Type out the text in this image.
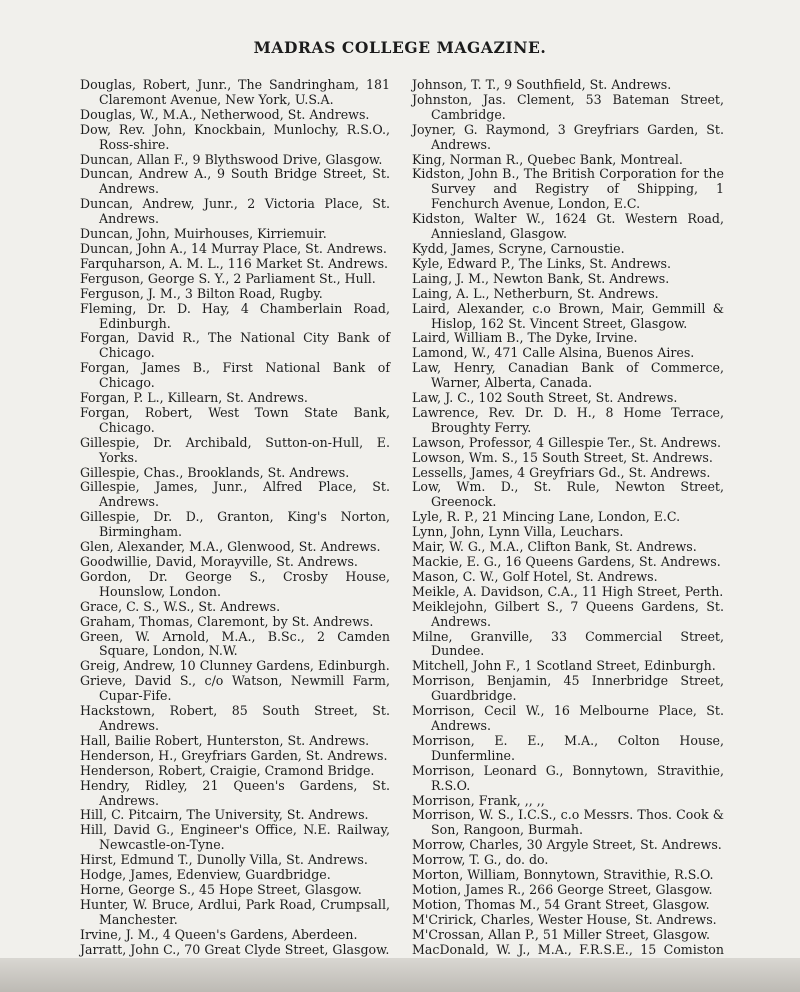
MADRAS COLLEGE MAGAZINE.

Douglas, Robert, Junr., The Sandringham, 181 Claremont Avenue, New York, U.S.A.

Douglas, W., M.A., Netherwood, St. Andrews.

Dow, Rev. John, Knockbain, Munlochy, R.S.O., Ross-shire.

Duncan, Allan F., 9 Blythswood Drive, Glasgow.

Duncan, Andrew A., 9 South Bridge Street, St. Andrews.

Duncan, Andrew, Junr., 2 Victoria Place, St. Andrews.

Duncan, John, Muirhouses, Kirriemuir.

Duncan, John A., 14 Murray Place, St. Andrews.

Farquharson, A. M. L., 116 Market St. Andrews.

Ferguson, George S. Y., 2 Parliament St., Hull.

Ferguson, J. M., 3 Bilton Road, Rugby.

Fleming, Dr. D. Hay, 4 Chamberlain Road, Edinburgh.

Forgan, David R., The National City Bank of Chicago.

Forgan, James B., First National Bank of Chicago.

Forgan, P. L., Killearn, St. Andrews.

Forgan, Robert, West Town State Bank, Chicago.

Gillespie, Dr. Archibald, Sutton-on-Hull, E. Yorks.

Gillespie, Chas., Brooklands, St. Andrews.

Gillespie, James, Junr., Alfred Place, St. Andrews.

Gillespie, Dr. D., Granton, King's Norton, Birmingham.

Glen, Alexander, M.A., Glenwood, St. Andrews.

Goodwillie, David, Morayville, St. Andrews.

Gordon, Dr. George S., Crosby House, Hounslow, London.

Grace, C. S., W.S., St. Andrews.

Graham, Thomas, Claremont, by St. Andrews.

Green, W. Arnold, M.A., B.Sc., 2 Camden Square, London, N.W.

Greig, Andrew, 10 Clunney Gardens, Edinburgh.

Grieve, David S., c/o Watson, Newmill Farm, Cupar-Fife.

Hackstown, Robert, 85 South Street, St. Andrews.

Hall, Bailie Robert, Hunterston, St. Andrews.

Henderson, H., Greyfriars Garden, St. Andrews.

Henderson, Robert, Craigie, Cramond Bridge.

Hendry, Ridley, 21 Queen's Gardens, St. Andrews.

Hill, C. Pitcairn, The University, St. Andrews.

Hill, David G., Engineer's Office, N.E. Railway, Newcastle-on-Tyne.

Hirst, Edmund T., Dunolly Villa, St. Andrews.

Hodge, James, Edenview, Guardbridge.

Horne, George S., 45 Hope Street, Glasgow.

Hunter, W. Bruce, Ardlui, Park Road, Crumpsall, Manchester.

Irvine, J. M., 4 Queen's Gardens, Aberdeen.

Jarratt, John C., 70 Great Clyde Street, Glasgow.

Johnson, T. T., 9 Southfield, St. Andrews.

Johnston, Jas. Clement, 53 Bateman Street, Cambridge.

Joyner, G. Raymond, 3 Greyfriars Garden, St. Andrews.

King, Norman R., Quebec Bank, Montreal.

Kidston, John B., The British Corporation for the Survey and Registry of Shipping, 1 Fenchurch Avenue, London, E.C.

Kidston, Walter W., 1624 Gt. Western Road, Anniesland, Glasgow.

Kydd, James, Scryne, Carnoustie.

Kyle, Edward P., The Links, St. Andrews.

Laing, J. M., Newton Bank, St. Andrews.

Laing, A. L., Netherburn, St. Andrews.

Laird, Alexander, c.o Brown, Mair, Gemmill & Hislop, 162 St. Vincent Street, Glasgow.

Laird, William B., The Dyke, Irvine.

Lamond, W., 471 Calle Alsina, Buenos Aires.

Law, Henry, Canadian Bank of Commerce, Warner, Alberta, Canada.

Law, J. C., 102 South Street, St. Andrews.

Lawrence, Rev. Dr. D. H., 8 Home Terrace, Broughty Ferry.

Lawson, Professor, 4 Gillespie Ter., St. Andrews.

Lowson, Wm. S., 15 South Street, St. Andrews.

Lessells, James, 4 Greyfriars Gd., St. Andrews.

Low, Wm. D., St. Rule, Newton Street, Greenock.

Lyle, R. P., 21 Mincing Lane, London, E.C.

Lynn, John, Lynn Villa, Leuchars.

Mair, W. G., M.A., Clifton Bank, St. Andrews.

Mackie, E. G., 16 Queens Gardens, St. Andrews.

Mason, C. W., Golf Hotel, St. Andrews.

Meikle, A. Davidson, C.A., 11 High Street, Perth.

Meiklejohn, Gilbert S., 7 Queens Gardens, St. Andrews.

Milne, Granville, 33 Commercial Street, Dundee.

Mitchell, John F., 1 Scotland Street, Edinburgh.

Morrison, Benjamin, 45 Innerbridge Street, Guardbridge.

Morrison, Cecil W., 16 Melbourne Place, St. Andrews.

Morrison, E. E., M.A., Colton House, Dunfermline.

Morrison, Leonard G., Bonnytown, Stravithie, R.S.O.

Morrison, Frank, ,, ,,

Morrison, W. S., I.C.S., c.o Messrs. Thos. Cook & Son, Rangoon, Burmah.

Morrow, Charles, 30 Argyle Street, St. Andrews.

Morrow, T. G., do. do.

Morton, William, Bonnytown, Stravithie, R.S.O.

Motion, James R., 266 George Street, Glasgow.

Motion, Thomas M., 54 Grant Street, Glasgow.

M'Cririck, Charles, Wester House, St. Andrews.

M'Crossan, Allan P., 51 Miller Street, Glasgow.

MacDonald, W. J., M.A., F.R.S.E., 15 Comiston
